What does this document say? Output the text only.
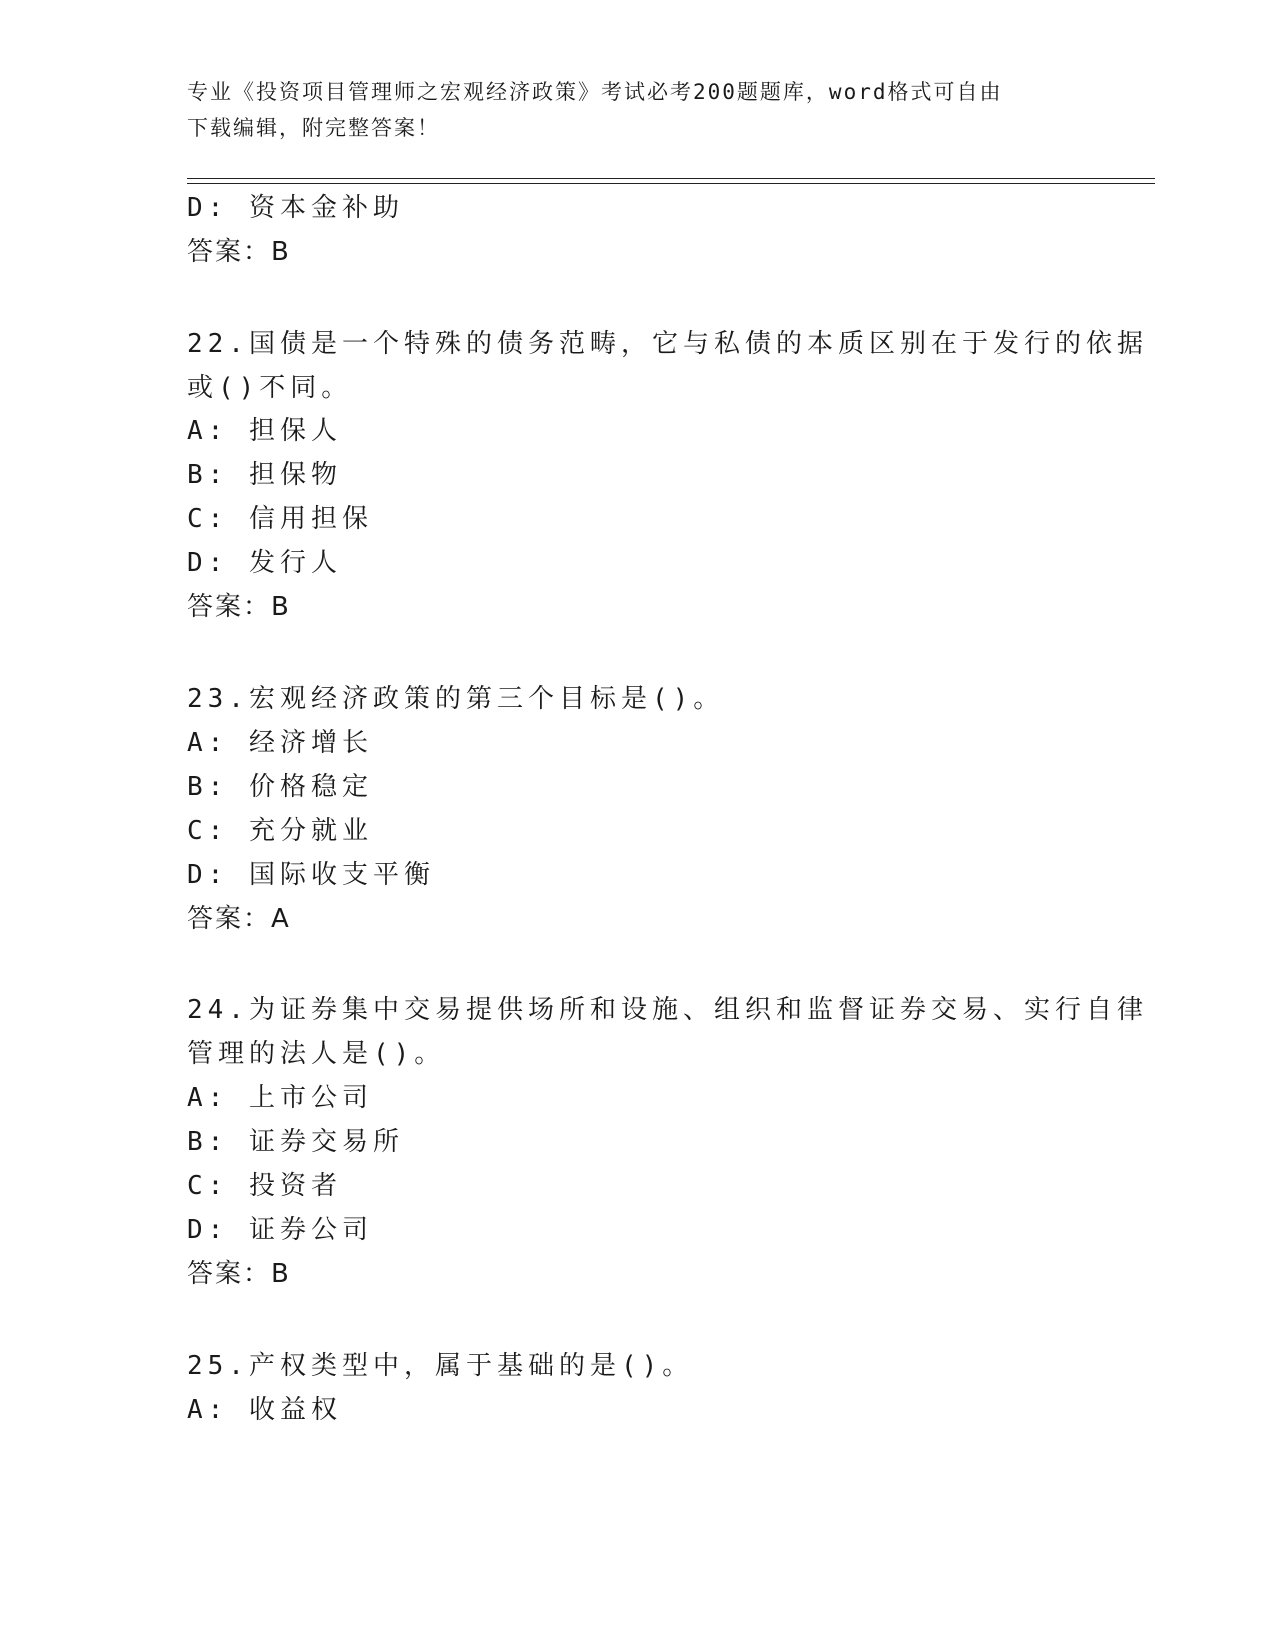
专业《投资项目管理师之宏观经济政策》考试必考200题题库，word格式可自由
下载编辑，附完整答案！
D: 资本金补助
答案：B
22.国债是一个特殊的债务范畴，它与私债的本质区别在于发行的依据
或()不同。
A: 担保人
B: 担保物
C: 信用担保
D: 发行人
答案：B
23.宏观经济政策的第三个目标是()。
A: 经济增长
B: 价格稳定
C: 充分就业
D: 国际收支平衡
答案：A
24.为证券集中交易提供场所和设施、组织和监督证券交易、实行自律
管理的法人是()。
A: 上市公司
B: 证券交易所
C: 投资者
D: 证券公司
答案：B
25.产权类型中，属于基础的是()。
A: 收益权
